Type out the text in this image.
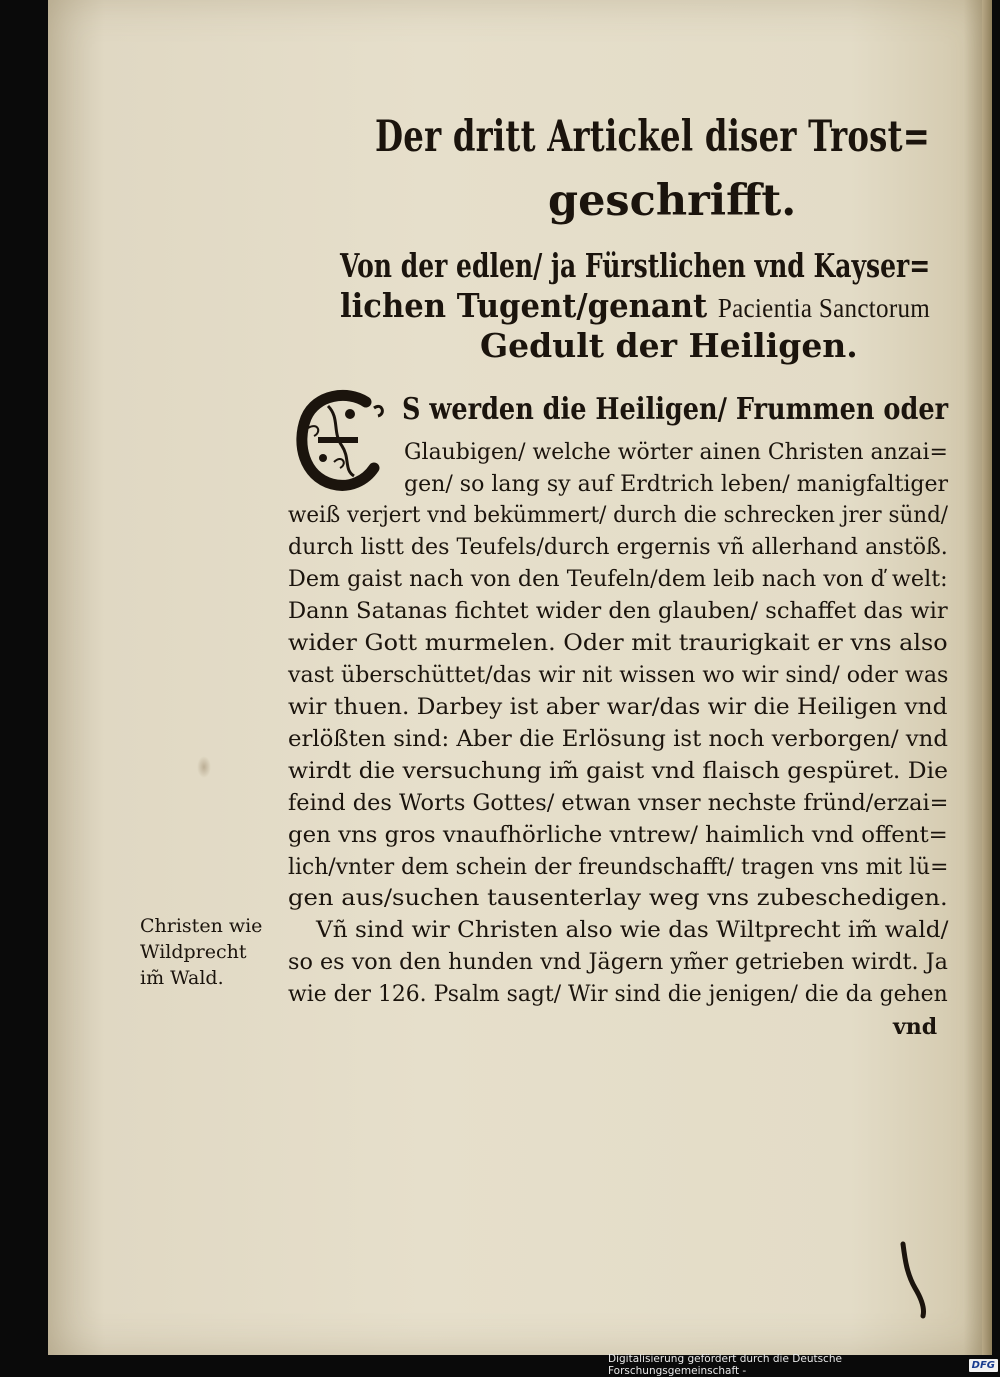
Der dritt Artickel diser Trost=
geschrifft.
Von der edlen/ ja Fürstlichen vnd Kayser=
lichen Tugent/genant Pacientia Sanctorum
Gedult der Heiligen.
S werden die Heiligen/ Frummen oder
Glaubigen/ welche wörter ainen Christen anzai=
gen/ so lang sy auf Erdtrich leben/ manigfaltiger
weiß verjert vnd bekümmert/ durch die schrecken jrer sünd/
durch listt des Teufels/durch ergernis vñ allerhand anstöß.
Dem gaist nach von den Teufeln/dem leib nach von ď welt:
Dann Satanas fichtet wider den glauben/ schaffet das wir
wider Gott murmelen. Oder mit traurigkait er vns also
vast überschüttet/das wir nit wissen wo wir sind/ oder was
wir thuen. Darbey ist aber war/das wir die Heiligen vnd
erlößten sind: Aber die Erlösung ist noch verborgen/ vnd
wirdt die versuchung im̃ gaist vnd flaisch gespüret. Die
feind des Worts Gottes/ etwan vnser nechste fründ/erzai=
gen vns gros vnaufhörliche vntrew/ haimlich vnd offent=
lich/vnter dem schein der freundschafft/ tragen vns mit lü=
gen aus/suchen tausenterlay weg vns zubeschedigen.
Vñ sind wir Christen also wie das Wiltprecht im̃ wald/
so es von den hunden vnd Jägern ym̃er getrieben wirdt. Ja
wie der 126. Psalm sagt/ Wir sind die jenigen/ die da gehen
vnd
Christen wie
Wildprecht
im̃ Wald.
Digitalisierung gefördert durch die Deutsche Forschungsgemeinschaft -	DFG
